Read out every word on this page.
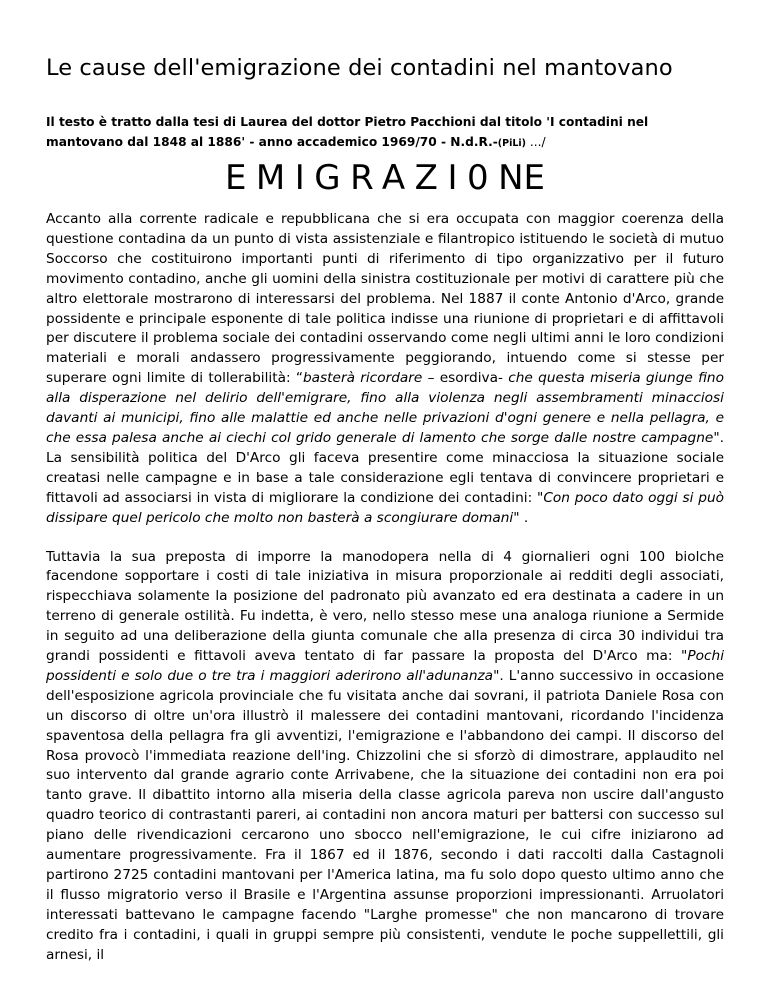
Le cause dell'emigrazione dei contadini nel mantovano
Il testo è tratto dalla tesi di Laurea del dottor Pietro Pacchioni dal titolo 'I contadini nel mantovano dal 1848 al 1886' - anno accademico 1969/70 - N.d.R.-(PiLi) .../
EMIGRAZI0NE

Accanto alla corrente radicale e repubblicana che si era occupata con maggior coerenza della questione contadina da un punto di vista assistenziale e filantropico istituendo le società di mutuo Soccorso che costituirono importanti punti di riferimento di tipo organizzativo per il futuro movimento contadino, anche gli uomini della sinistra costituzionale per motivi di carattere più che altro elettorale mostrarono di interessarsi del problema. Nel 1887 il conte Antonio d'Arco, grande possidente e principale esponente di tale politica indisse una riunione di proprietari e di affittavoli per discutere il problema sociale dei contadini osservando come negli ultimi anni le loro condizioni materiali e morali andassero progressivamente peggiorando, intuendo come si stesse per superare ogni limite di tollerabilità: “basterà ricordare – esordiva- che questa miseria giunge fino alla disperazione nel delirio dell'emigrare, fino alla violenza negli assembramenti minacciosi davanti ai municipi, fino alle malattie ed anche nelle privazioni d'ogni genere e nella pellagra, e che essa palesa anche ai ciechi col grido generale di lamento che sorge dalle nostre campagne". La sensibilità politica del D'Arco gli faceva presentire come minacciosa la situazione sociale creatasi nelle campagne e in base a tale considerazione egli tentava di convincere proprietari e fittavoli ad associarsi in vista di migliorare la condizione dei contadini: "Con poco dato oggi si può dissipare quel pericolo che molto non basterà a scongiurare domani" .

Tuttavia la sua preposta di imporre la manodopera nella di 4 giornalieri ogni 100 biolche facendone sopportare i costi di tale iniziativa in misura proporzionale ai redditi degli associati, rispecchiava solamente la posizione del padronato più avanzato ed era destinata a cadere in un terreno di generale ostilità. Fu indetta, è vero, nello stesso mese una analoga riunione a Sermide in seguito ad una deliberazione della giunta comunale che alla presenza di circa 30 individui tra grandi possidenti e fittavoli aveva tentato di far passare la proposta del D'Arco ma: "Pochi possidenti e solo due o tre tra i maggiori aderirono all'adunanza". L'anno successivo in occasione dell'esposizione agricola provinciale che fu visitata anche dai sovrani, il patriota Daniele Rosa con un discorso di oltre un'ora illustrò il malessere dei contadini mantovani, ricordando l'incidenza spaventosa della pellagra fra gli avventizi, l'emigrazione e l'abbandono dei campi. Il discorso del Rosa provocò l'immediata reazione dell'ing. Chizzolini che si sforzò di dimostrare, applaudito nel suo intervento dal grande agrario conte Arrivabene, che la situazione dei contadini non era poi tanto grave. Il dibattito intorno alla miseria della classe agricola pareva non uscire dall'angusto quadro teorico di contrastanti pareri, ai contadini non ancora maturi per battersi con successo sul piano delle rivendicazioni cercarono uno sbocco nell'emigrazione, le cui cifre iniziarono ad aumentare progressivamente. Fra il 1867 ed il 1876, secondo i dati raccolti dalla Castagnoli partirono 2725 contadini mantovani per l'America latina, ma fu solo dopo questo ultimo anno che il flusso migratorio verso il Brasile e l'Argentina assunse proporzioni impressionanti. Arruolatori interessati battevano le campagne facendo "Larghe promesse" che non mancarono di trovare credito fra i contadini, i quali in gruppi sempre più consistenti, vendute le poche suppellettili, gli arnesi, il
